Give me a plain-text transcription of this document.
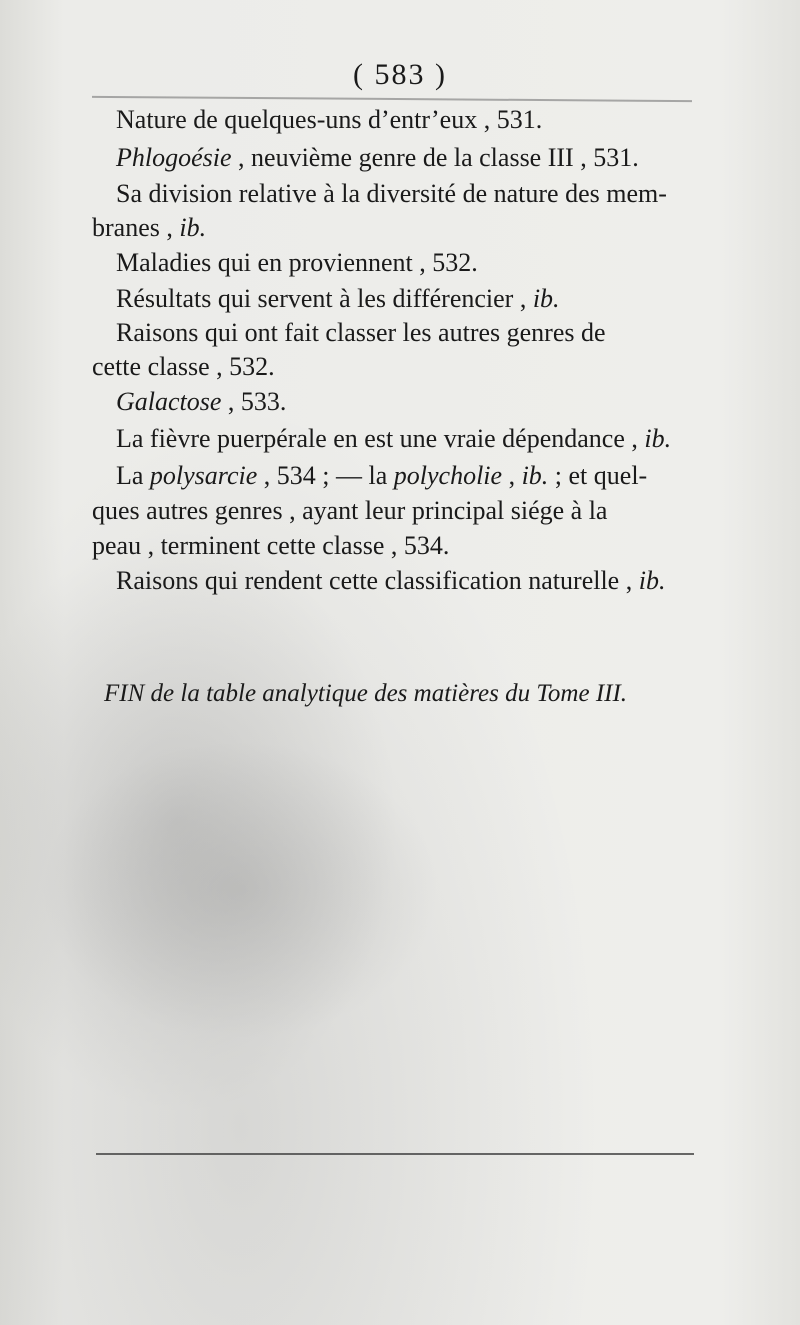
( 583 )
Nature de quelques-uns d’entr’eux , 531.
Phlogoésie , neuvième genre de la classe III , 531.
Sa division relative à la diversité de nature des mem-
branes , ib.
Maladies qui en proviennent , 532.
Résultats qui servent à les différencier , ib.
Raisons qui ont fait classer les autres genres de
cette classe , 532.
Galactose , 533.
La fièvre puerpérale en est une vraie dépendance , ib.
La polysarcie , 534 ; — la polycholie , ib. ; et quel-
ques autres genres , ayant leur principal siége à la
peau , terminent cette classe , 534.
Raisons qui rendent cette classification naturelle , ib.
FIN de la table analytique des matières du Tome III.
